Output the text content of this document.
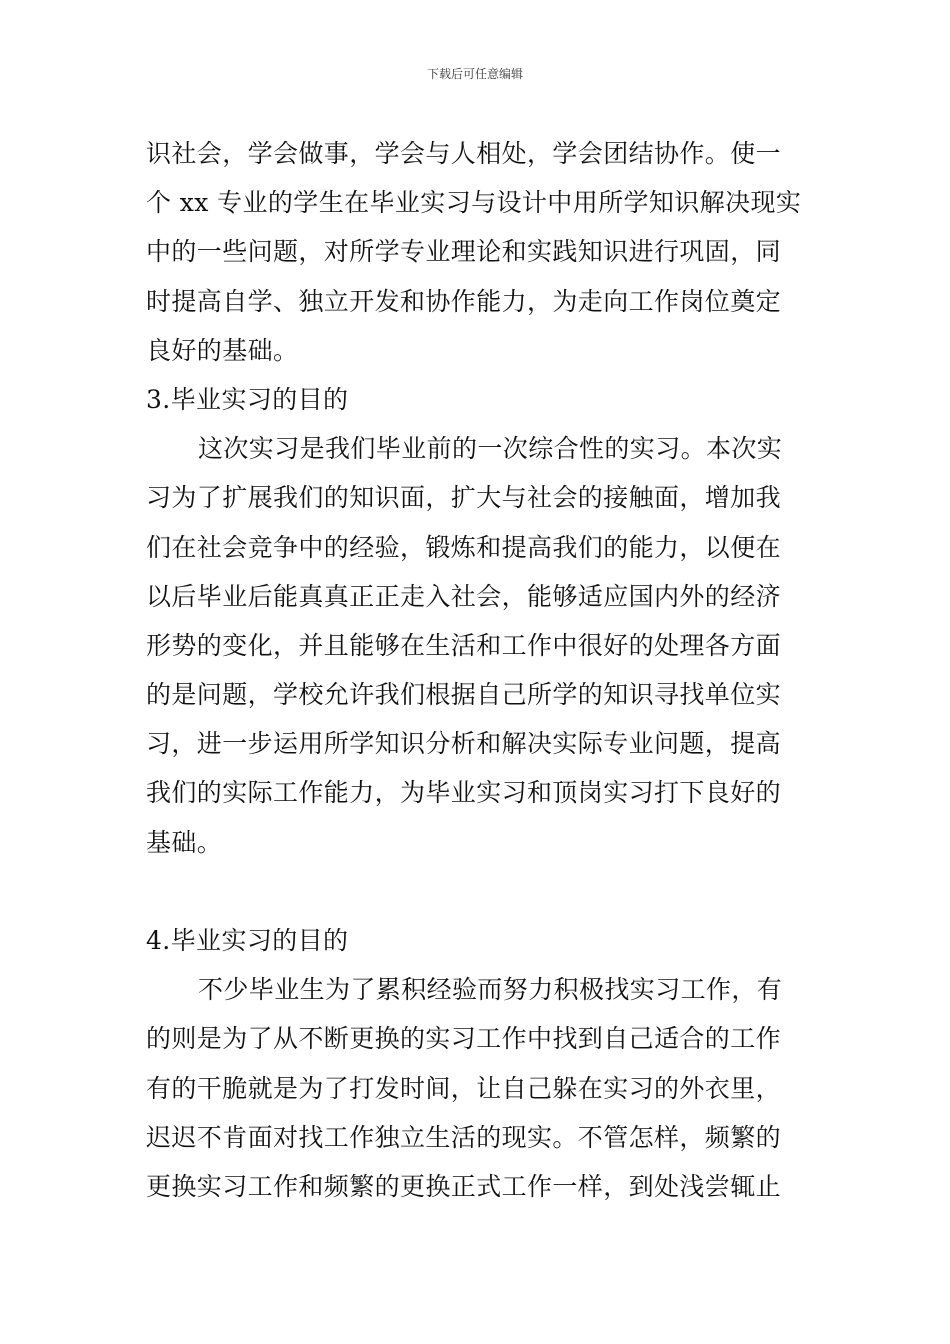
下载后可任意编辑
识社会，学会做事，学会与人相处，学会团结协作。使一
个 xx 专业的学生在毕业实习与设计中用所学知识解决现实
中的一些问题，对所学专业理论和实践知识进行巩固，同
时提高自学、独立开发和协作能力，为走向工作岗位奠定
良好的基础。
3.毕业实习的目的
这次实习是我们毕业前的一次综合性的实习。本次实
习为了扩展我们的知识面，扩大与社会的接触面，增加我
们在社会竞争中的经验，锻炼和提高我们的能力，以便在
以后毕业后能真真正正走入社会，能够适应国内外的经济
形势的变化，并且能够在生活和工作中很好的处理各方面
的是问题，学校允许我们根据自己所学的知识寻找单位实
习，进一步运用所学知识分析和解决实际专业问题，提高
我们的实际工作能力，为毕业实习和顶岗实习打下良好的
基础。
4.毕业实习的目的
不少毕业生为了累积经验而努力积极找实习工作，有
的则是为了从不断更换的实习工作中找到自己适合的工作
有的干脆就是为了打发时间，让自己躲在实习的外衣里，
迟迟不肯面对找工作独立生活的现实。不管怎样，频繁的
更换实习工作和频繁的更换正式工作一样，到处浅尝辄止
